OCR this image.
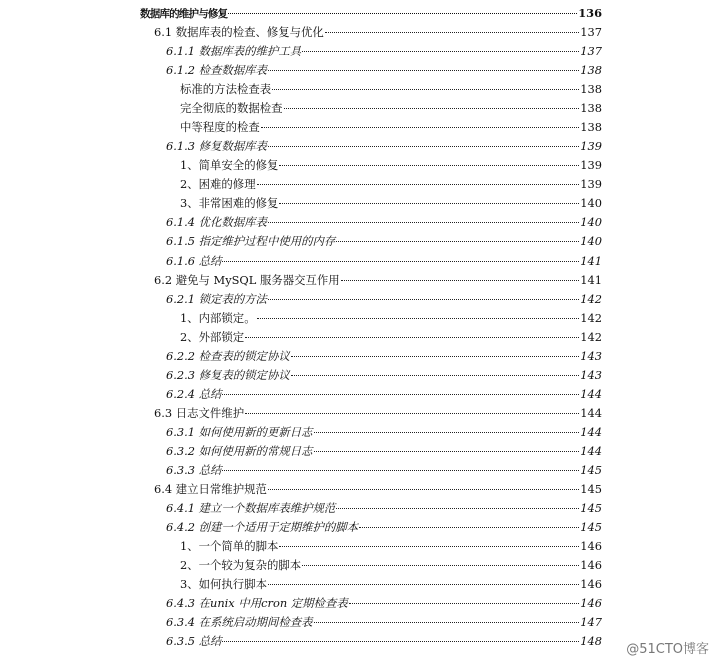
数据库的维护与修复	136
6.1 数据库表的检查、修复与优化	137
6.1.1 数据库表的维护工具	137
6.1.2 检查数据库表	138
标准的方法检查表	138
完全彻底的数据检查	138
中等程度的检查	138
6.1.3 修复数据库表	139
1、简单安全的修复	139
2、困难的修理	139
3、非常困难的修复	140
6.1.4 优化数据库表	140
6.1.5 指定维护过程中使用的内存	140
6.1.6 总结	141
6.2 避免与 MySQL 服务器交互作用	141
6.2.1 锁定表的方法	142
1、内部锁定。	142
2、外部锁定	142
6.2.2 检查表的锁定协议	143
6.2.3 修复表的锁定协议	143
6.2.4 总结	144
6.3 日志文件维护	144
6.3.1 如何使用新的更新日志	144
6.3.2 如何使用新的常规日志	144
6.3.3 总结	145
6.4 建立日常维护规范	145
6.4.1 建立一个数据库表维护规范	145
6.4.2 创建一个适用于定期维护的脚本	145
1、一个简单的脚本	146
2、一个较为复杂的脚本	146
3、如何执行脚本	146
6.4.3 在unix 中用cron 定期检查表	146
6.3.4 在系统启动期间检查表	147
6.3.5 总结	148
@51CTO博客
